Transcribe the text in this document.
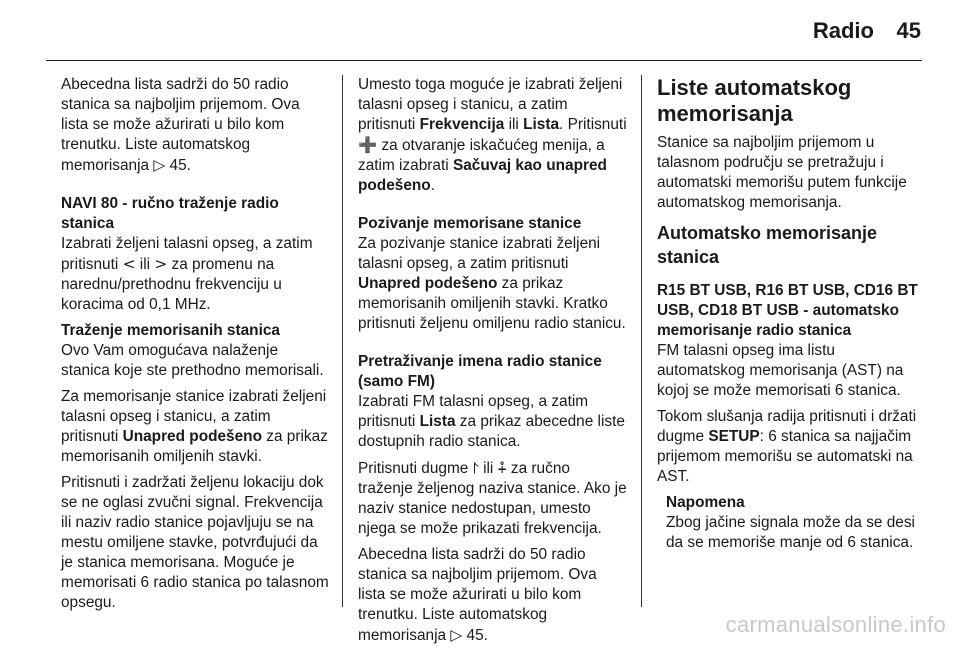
Radio 45

Abecedna lista sadrži do 50 radio stanica sa najboljim prijemom. Ova lista se može ažurirati u bilo kom trenutku. Liste automatskog memorisanja ▷ 45.

NAVI 80 - ručno traženje radio stanica

Izabrati željeni talasni opseg, a zatim pritisnuti < ili > za promenu na narednu/prethodnu frekvenciju u koracima od 0,1 MHz.

Traženje memorisanih stanica

Ovo Vam omogućava nalaženje stanica koje ste prethodno memorisali.

Za memorisanje stanice izabrati željeni talasni opseg i stanicu, a zatim pritisnuti Unapred podešeno za prikaz memorisanih omiljenih stavki.

Pritisnuti i zadržati željenu lokaciju dok se ne oglasi zvučni signal. Frekvencija ili naziv radio stanice pojavljuju se na mestu omiljene stavke, potvrđujući da je stanica memorisana. Moguće je memorisati 6 radio stanica po talasnom opsegu.

Umesto toga moguće je izabrati željeni talasni opseg i stanicu, a zatim pritisnuti Frekvencija ili Lista. Pritisnuti ➕ za otvaranje iskačućeg menija, a zatim izabrati Sačuvaj kao unapred podešeno.

Pozivanje memorisane stanice

Za pozivanje stanice izabrati željeni talasni opseg, a zatim pritisnuti Unapred podešeno za prikaz memorisanih omiljenih stavki. Kratko pritisnuti željenu omiljenu radio stanicu.

Pretraživanje imena radio stanice (samo FM)

Izabrati FM talasni opseg, a zatim pritisnuti Lista za prikaz abecedne liste dostupnih radio stanica.

Pritisnuti dugme ⨡ ili ⨢ za ručno traženje željenog naziva stanice. Ako je naziv stanice nedostupan, umesto njega se može prikazati frekvencija.

Abecedna lista sadrži do 50 radio stanica sa najboljim prijemom. Ova lista se može ažurirati u bilo kom trenutku. Liste automatskog memorisanja ▷ 45.

Liste automatskog memorisanja

Stanice sa najboljim prijemom u talasnom području se pretražuju i automatski memorišu putem funkcije automatskog memorisanja.

Automatsko memorisanje stanica
R15 BT USB, R16 BT USB, CD16 BT USB, CD18 BT USB - automatsko memorisanje radio stanica

FM talasni opseg ima listu automatskog memorisanja (AST) na kojoj se može memorisati 6 stanica.

Tokom slušanja radija pritisnuti i držati dugme SETUP: 6 stanica sa najjačim prijemom memorišu se automatski na AST.

Napomena
Zbog jačine signala može da se desi da se memoriše manje od 6 stanica.
carmanualsonline.info
